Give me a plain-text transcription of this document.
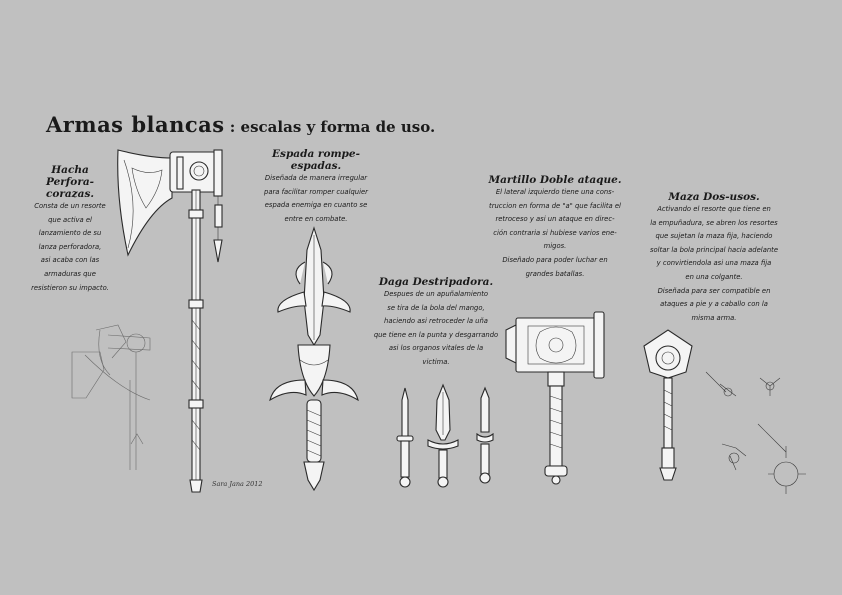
Sara Jana 2012
Armas blancas : escalas y forma de uso.
Hacha
Perfora-corazas.
Consta de un resorte
que activa el
lanzamiento de su
lanza perforadora,
asi acaba con las
armaduras que
resistieron su impacto.
Espada rompe-espadas.
Diseñada de manera irregular
para facilitar romper cualquier
espada enemiga en cuanto se
entre en combate.
Daga Destripadora.
Despues de un apuñalamiento
se tira de la bola del mango,
haciendo asi retroceder la uña
que tiene en la punta y desgarrando
asi los organos vitales de la
victima.
Martillo Doble ataque.
El lateral izquierdo tiene una cons-
truccion en forma de "a" que facilita el
retroceso y asi un ataque en direc-
ción contraria si hubiese varios ene-
migos.
Diseñado para poder luchar en
grandes batallas.
Maza Dos-usos.
Activando el resorte que tiene en
la empuñadura, se abren los resortes
que sujetan la maza fija, haciendo
soltar la bola principal hacia adelante
y convirtiendola asi una maza fija
en una colgante.
Diseñada para ser compatible en
ataques a pie y a caballo con la
misma arma.
